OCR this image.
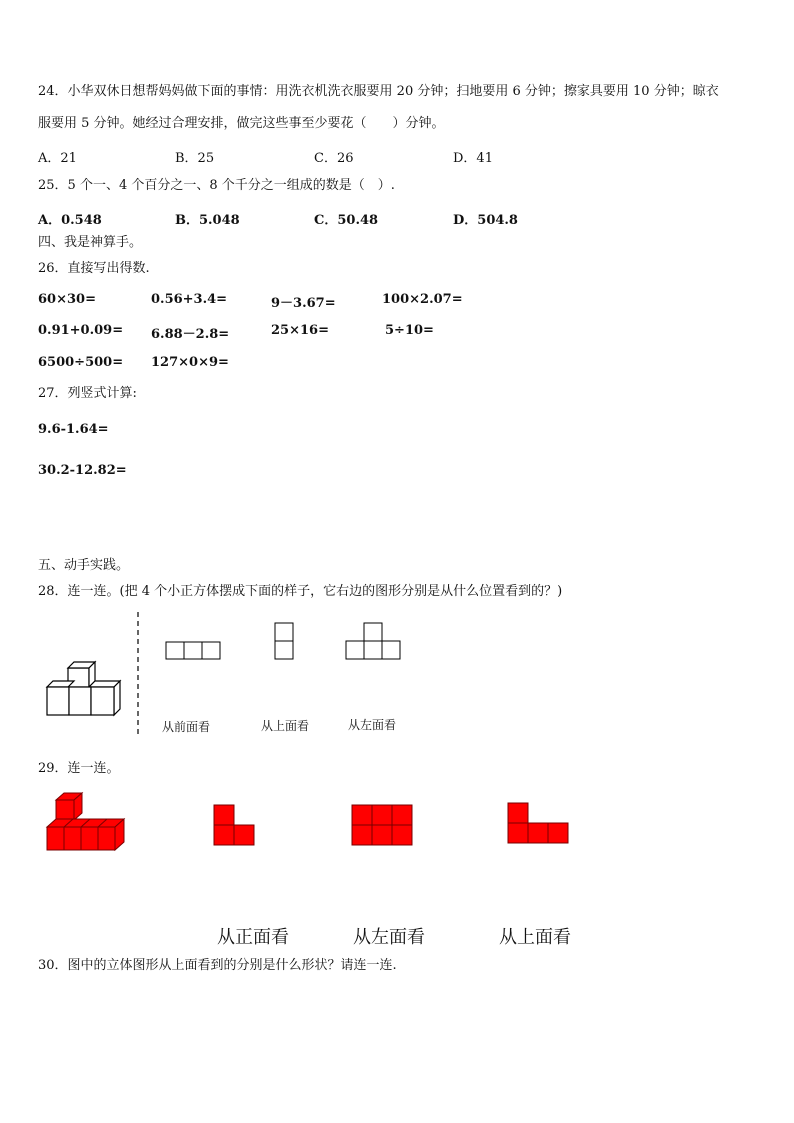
24．小华双休日想帮妈妈做下面的事情：用洗衣机洗衣服要用 20 分钟；扫地要用 6 分钟；擦家具要用 10 分钟；晾衣
服要用 5 分钟。她经过合理安排，做完这些事至少要花（　　）分钟。
A．21	B．25	C．26	D．41
25．5 个一、4 个百分之一、8 个千分之一组成的数是（　）.
A．0.548	B．5.048	C．50.48	D．504.8
四、我是神算手。
26．直接写出得数.
60×30=	0.56+3.4=	9－3.67=	100×2.07=
0.91+0.09= 6.88－2.8=	25×16=	5÷10=
6500÷500= 127×0×9=
27．列竖式计算:
9.6-1.64=
30.2-12.82=
五、动手实践。
28．连一连。(把 4 个小正方体摆成下面的样子，它右边的图形分别是从什么位置看到的？)
从前面看	从上面看	从左面看
29．连一连。
从正面看	从左面看	从上面看
30．图中的立体图形从上面看到的分别是什么形状？请连一连.
